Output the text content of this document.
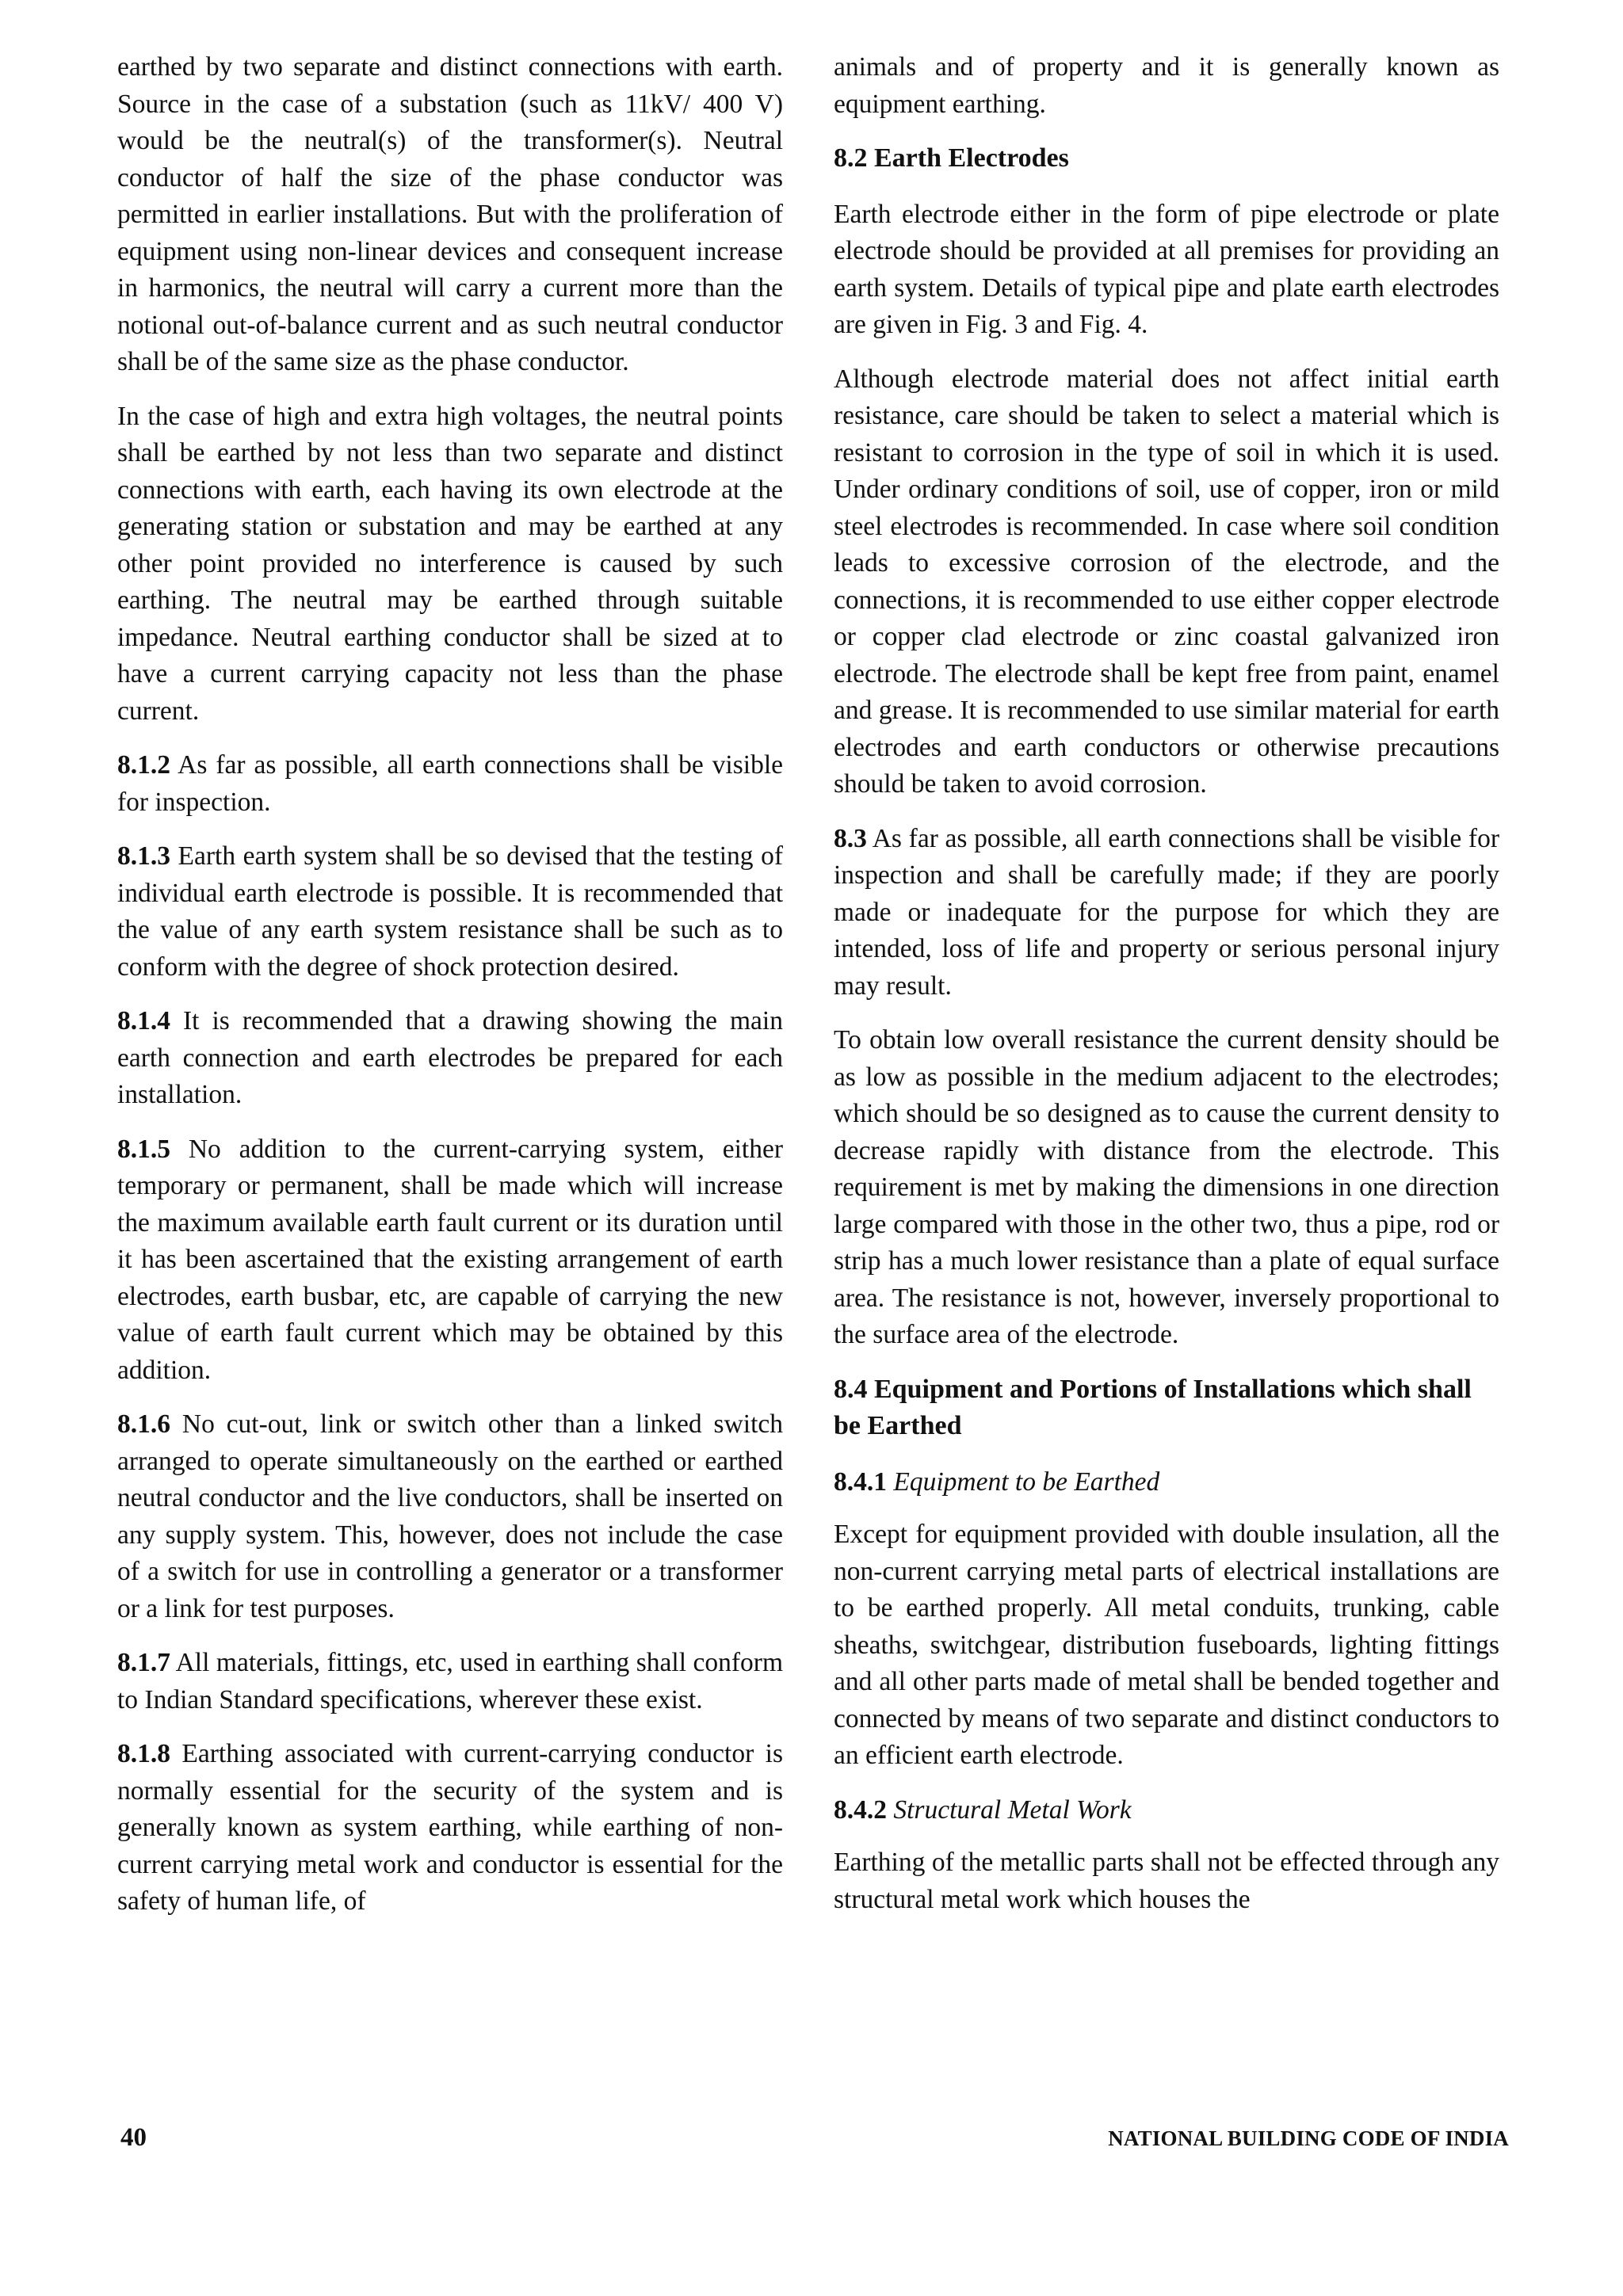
earthed by two separate and distinct connections with earth. Source in the case of a substation (such as 11kV/ 400 V) would be the neutral(s) of the transformer(s). Neutral conductor of half the size of the phase conductor was permitted in earlier installations. But with the proliferation of equipment using non-linear devices and consequent increase in harmonics, the neutral will carry a current more than the notional out-of-balance current and as such neutral conductor shall be of the same size as the phase conductor.

In the case of high and extra high voltages, the neutral points shall be earthed by not less than two separate and distinct connections with earth, each having its own electrode at the generating station or substation and may be earthed at any other point provided no interference is caused by such earthing. The neutral may be earthed through suitable impedance. Neutral earthing conductor shall be sized at to have a current carrying capacity not less than the phase current.

8.1.2 As far as possible, all earth connections shall be visible for inspection.

8.1.3 Earth earth system shall be so devised that the testing of individual earth electrode is possible. It is recommended that the value of any earth system resistance shall be such as to conform with the degree of shock protection desired.

8.1.4 It is recommended that a drawing showing the main earth connection and earth electrodes be prepared for each installation.

8.1.5 No addition to the current-carrying system, either temporary or permanent, shall be made which will increase the maximum available earth fault current or its duration until it has been ascertained that the existing arrangement of earth electrodes, earth busbar, etc, are capable of carrying the new value of earth fault current which may be obtained by this addition.

8.1.6 No cut-out, link or switch other than a linked switch arranged to operate simultaneously on the earthed or earthed neutral conductor and the live conductors, shall be inserted on any supply system. This, however, does not include the case of a switch for use in controlling a generator or a transformer or a link for test purposes.

8.1.7 All materials, fittings, etc, used in earthing shall conform to Indian Standard specifications, wherever these exist.

8.1.8 Earthing associated with current-carrying conductor is normally essential for the security of the system and is generally known as system earthing, while earthing of non-current carrying metal work and conductor is essential for the safety of human life, of

animals and of property and it is generally known as equipment earthing.

8.2 Earth Electrodes

Earth electrode either in the form of pipe electrode or plate electrode should be provided at all premises for providing an earth system. Details of typical pipe and plate earth electrodes are given in Fig. 3 and Fig. 4.

Although electrode material does not affect initial earth resistance, care should be taken to select a material which is resistant to corrosion in the type of soil in which it is used. Under ordinary conditions of soil, use of copper, iron or mild steel electrodes is recommended. In case where soil condition leads to excessive corrosion of the electrode, and the connections, it is recommended to use either copper electrode or copper clad electrode or zinc coastal galvanized iron electrode. The electrode shall be kept free from paint, enamel and grease. It is recommended to use similar material for earth electrodes and earth conductors or otherwise precautions should be taken to avoid corrosion.

8.3 As far as possible, all earth connections shall be visible for inspection and shall be carefully made; if they are poorly made or inadequate for the purpose for which they are intended, loss of life and property or serious personal injury may result.

To obtain low overall resistance the current density should be as low as possible in the medium adjacent to the electrodes; which should be so designed as to cause the current density to decrease rapidly with distance from the electrode. This requirement is met by making the dimensions in one direction large compared with those in the other two, thus a pipe, rod or strip has a much lower resistance than a plate of equal surface area. The resistance is not, however, inversely proportional to the surface area of the electrode.

8.4 Equipment and Portions of Installations which shall be Earthed
8.4.1 Equipment to be Earthed

Except for equipment provided with double insulation, all the non-current carrying metal parts of electrical installations are to be earthed properly. All metal conduits, trunking, cable sheaths, switchgear, distribution fuseboards, lighting fittings and all other parts made of metal shall be bended together and connected by means of two separate and distinct conductors to an efficient earth electrode.

8.4.2 Structural Metal Work

Earthing of the metallic parts shall not be effected through any structural metal work which houses the

40	NATIONAL BUILDING CODE OF INDIA
